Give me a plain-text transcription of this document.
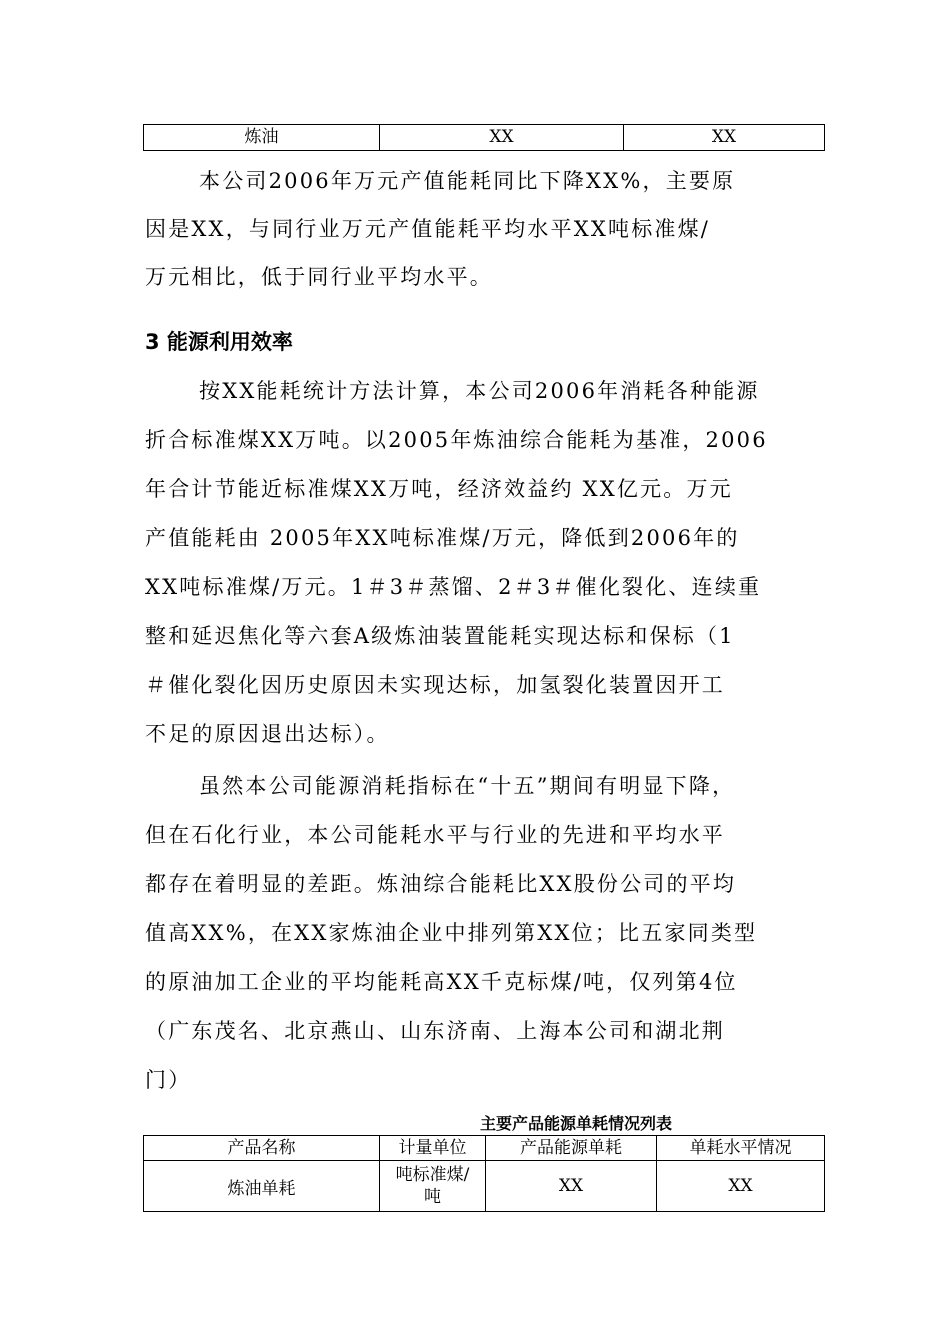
炼油	XX	XX
本公司2006年万元产值能耗同比下降XX%，主要原
因是XX，与同行业万元产值能耗平均水平XX吨标准煤/
万元相比，低于同行业平均水平。
3 能源利用效率
按XX能耗统计方法计算，本公司2006年消耗各种能源
折合标准煤XX万吨。以2005年炼油综合能耗为基准，2006
年合计节能近标准煤XX万吨，经济效益约 XX亿元。万元
产值能耗由 2005年XX吨标准煤/万元，降低到2006年的
XX吨标准煤/万元。1＃3＃蒸馏、2＃3＃催化裂化、连续重
整和延迟焦化等六套A级炼油装置能耗实现达标和保标（1
＃催化裂化因历史原因未实现达标，加氢裂化装置因开工
不足的原因退出达标）。
虽然本公司能源消耗指标在“十五”期间有明显下降，
但在石化行业，本公司能耗水平与行业的先进和平均水平
都存在着明显的差距。炼油综合能耗比XX股份公司的平均
值高XX%，在XX家炼油企业中排列第XX位；比五家同类型
的原油加工企业的平均能耗高XX千克标煤/吨，仅列第4位
（广东茂名、北京燕山、山东济南、上海本公司和湖北荆
门）
主要产品能源单耗情况列表
产品名称	计量单位	产品能源单耗	单耗水平情况
炼油单耗	吨标准煤/
吨	XX	XX
